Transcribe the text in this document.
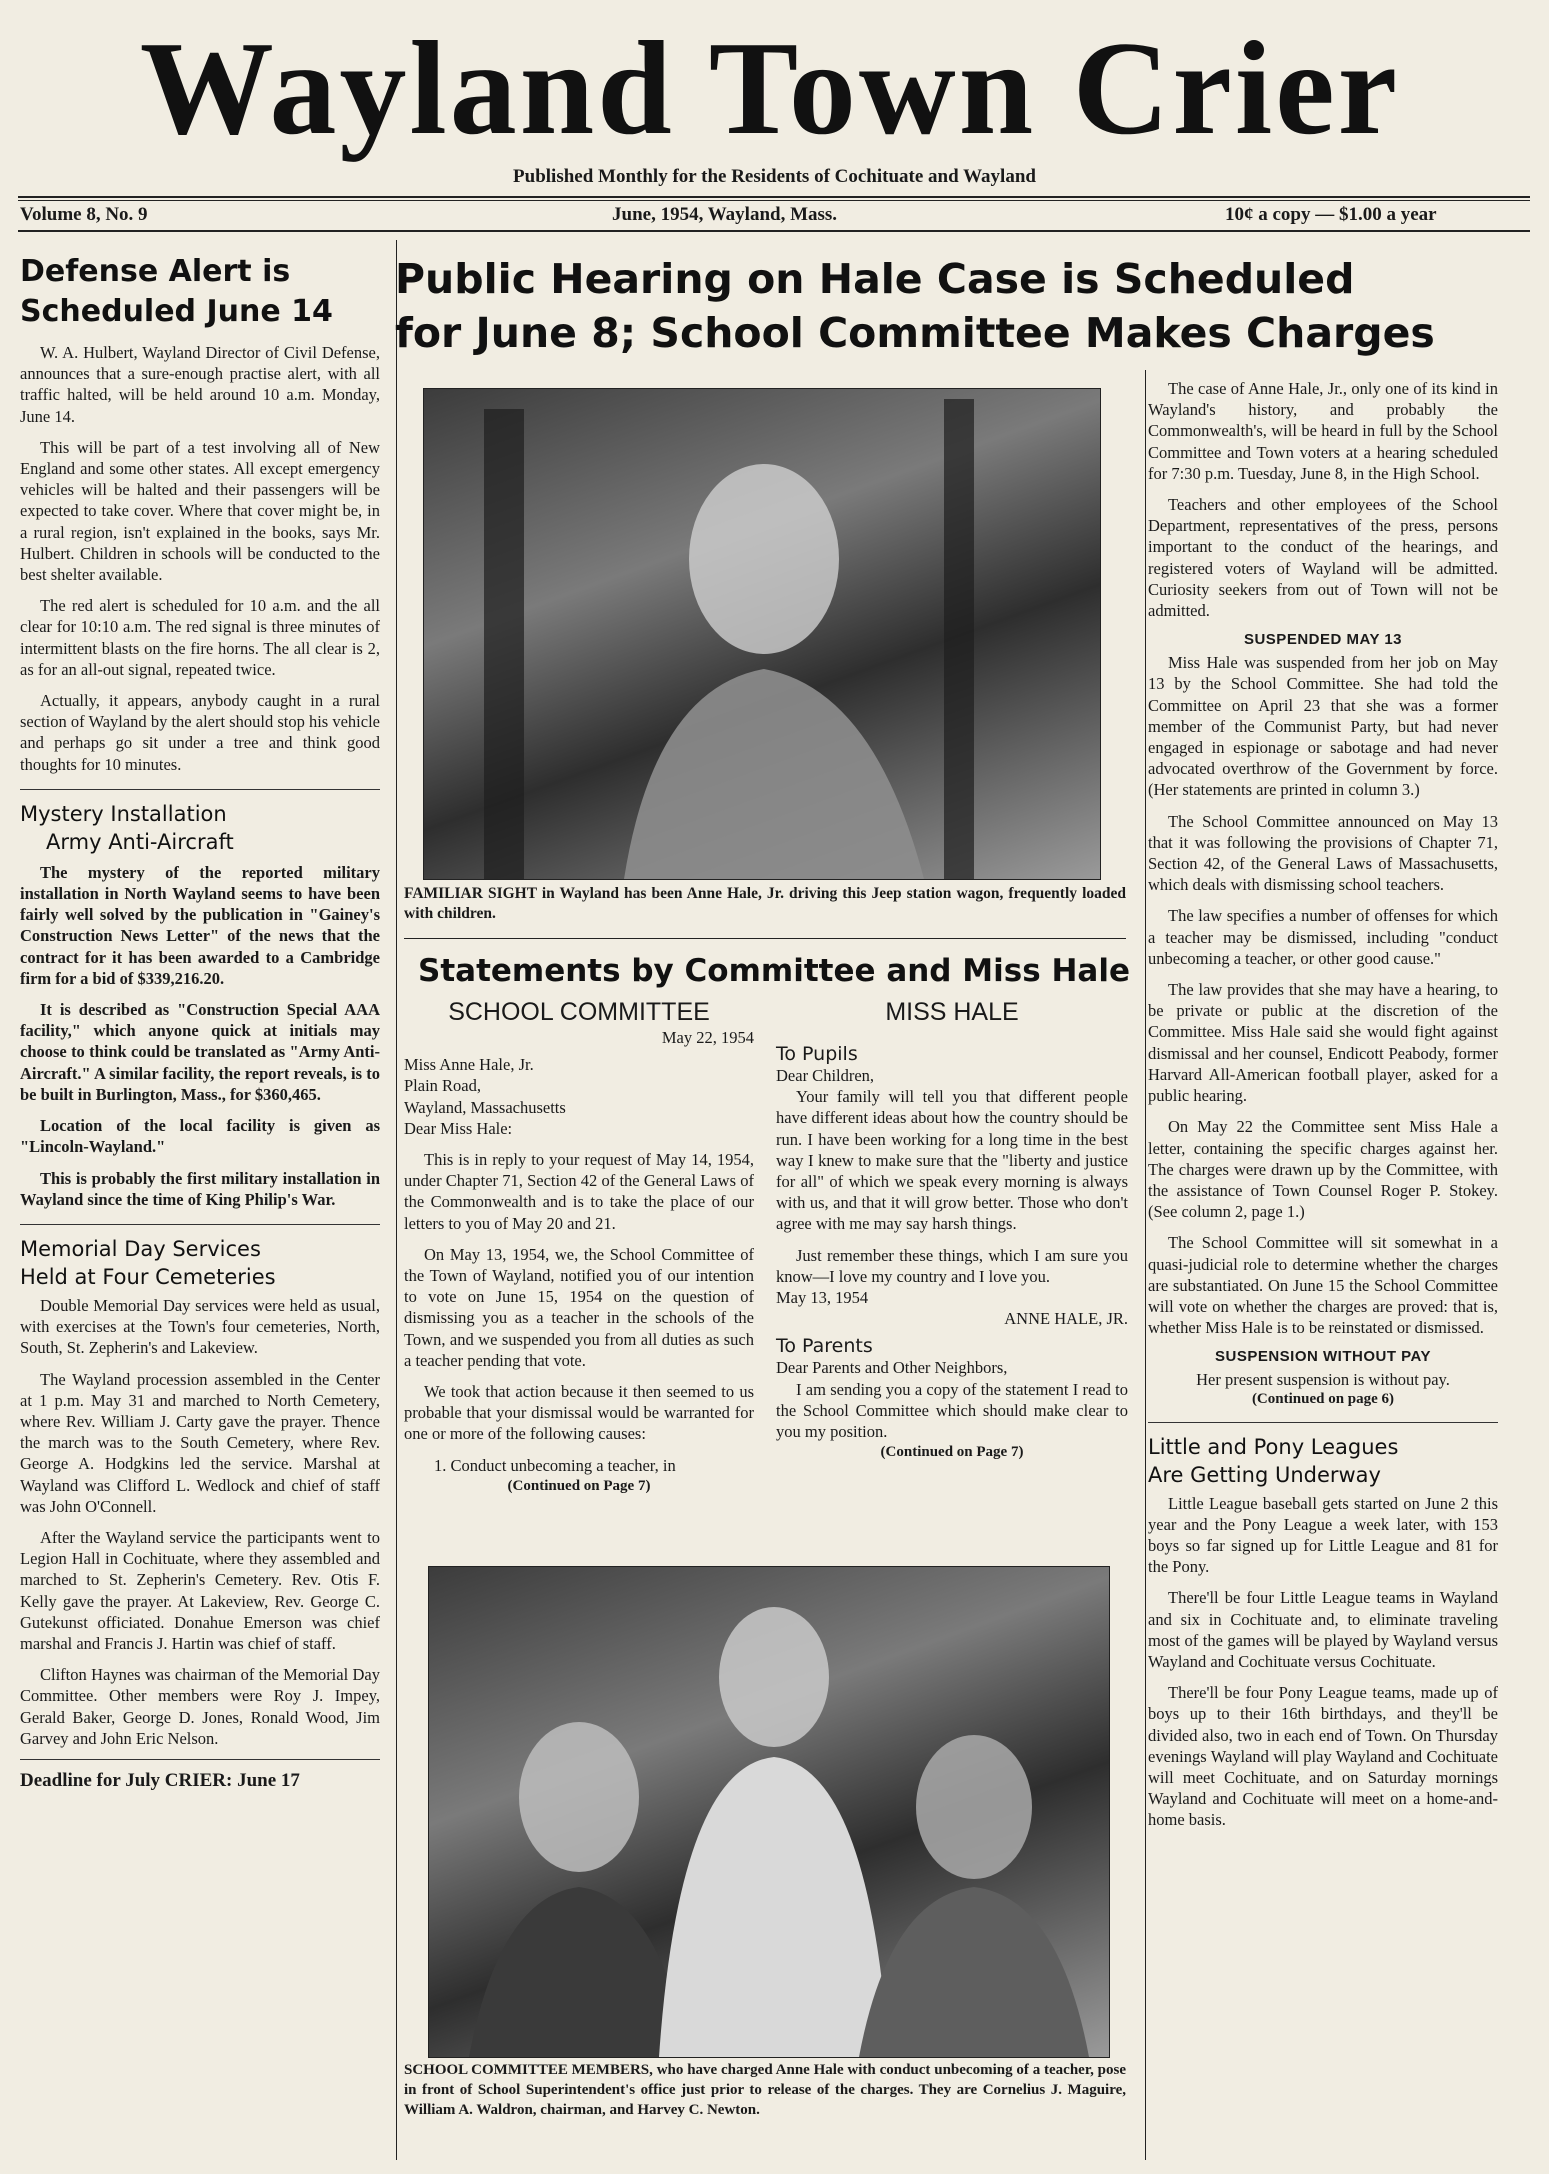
Wayland Town Crier
Published Monthly for the Residents of Cochituate and Wayland
Volume 8, No. 9	June, 1954, Wayland, Mass.	10¢ a copy — $1.00 a year
Defense Alert is Scheduled June 14

W. A. Hulbert, Wayland Director of Civil Defense, announces that a sure-enough practise alert, with all traffic halted, will be held around 10 a.m. Monday, June 14.

This will be part of a test involving all of New England and some other states. All except emergency vehicles will be halted and their passengers will be expected to take cover. Where that cover might be, in a rural region, isn't explained in the books, says Mr. Hulbert. Children in schools will be conducted to the best shelter available.

The red alert is scheduled for 10 a.m. and the all clear for 10:10 a.m. The red signal is three minutes of intermittent blasts on the fire horns. The all clear is 2, as for an all-out signal, repeated twice.

Actually, it appears, anybody caught in a rural section of Wayland by the alert should stop his vehicle and perhaps go sit under a tree and think good thoughts for 10 minutes.

Mystery Installation
Army Anti-Aircraft

The mystery of the reported military installation in North Wayland seems to have been fairly well solved by the publication in "Gainey's Construction News Letter" of the news that the contract for it has been awarded to a Cambridge firm for a bid of $339,216.20.

It is described as "Construction Special AAA facility," which anyone quick at initials may choose to think could be translated as "Army Anti-Aircraft." A similar facility, the report reveals, is to be built in Burlington, Mass., for $360,465.

Location of the local facility is given as "Lincoln-Wayland."

This is probably the first military installation in Wayland since the time of King Philip's War.

Memorial Day Services
Held at Four Cemeteries

Double Memorial Day services were held as usual, with exercises at the Town's four cemeteries, North, South, St. Zepherin's and Lakeview.

The Wayland procession assembled in the Center at 1 p.m. May 31 and marched to North Cemetery, where Rev. William J. Carty gave the prayer. Thence the march was to the South Cemetery, where Rev. George A. Hodgkins led the service. Marshal at Wayland was Clifford L. Wedlock and chief of staff was John O'Connell.

After the Wayland service the participants went to Legion Hall in Cochituate, where they assembled and marched to St. Zepherin's Cemetery. Rev. Otis F. Kelly gave the prayer. At Lakeview, Rev. George C. Gutekunst officiated. Donahue Emerson was chief marshal and Francis J. Hartin was chief of staff.

Clifton Haynes was chairman of the Memorial Day Committee. Other members were Roy J. Impey, Gerald Baker, George D. Jones, Ronald Wood, Jim Garvey and John Eric Nelson.

Deadline for July CRIER: June 17
Public Hearing on Hale Case is Scheduled
for June 8; School Committee Makes Charges
FAMILIAR SIGHT in Wayland has been Anne Hale, Jr. driving this Jeep station wagon, frequently loaded with children.
Statements by Committee and Miss Hale
SCHOOL COMMITTEE
May 22, 1954
Miss Anne Hale, Jr.
Plain Road,
Wayland, Massachusetts
Dear Miss Hale:

This is in reply to your request of May 14, 1954, under Chapter 71, Section 42 of the General Laws of the Commonwealth and is to take the place of our letters to you of May 20 and 21.

On May 13, 1954, we, the School Committee of the Town of Wayland, notified you of our intention to vote on June 15, 1954 on the question of dismissing you as a teacher in the schools of the Town, and we suspended you from all duties as such a teacher pending that vote.

We took that action because it then seemed to us probable that your dismissal would be warranted for one or more of the following causes:

1. Conduct unbecoming a teacher, in

(Continued on Page 7)
MISS HALE
To Pupils
Dear Children,

Your family will tell you that different people have different ideas about how the country should be run. I have been working for a long time in the best way I knew to make sure that the "liberty and justice for all" of which we speak every morning is always with us, and that it will grow better. Those who don't agree with me may say harsh things.

Just remember these things, which I am sure you know—I love my country and I love you.

May 13, 1954
ANNE HALE, JR.
To Parents
Dear Parents and Other Neighbors,

I am sending you a copy of the statement I read to the School Committee which should make clear to you my position.

(Continued on Page 7)
SCHOOL COMMITTEE MEMBERS, who have charged Anne Hale with conduct unbecoming of a teacher, pose in front of School Superintendent's office just prior to release of the charges. They are Cornelius J. Maguire, William A. Waldron, chairman, and Harvey C. Newton.

The case of Anne Hale, Jr., only one of its kind in Wayland's history, and probably the Commonwealth's, will be heard in full by the School Committee and Town voters at a hearing scheduled for 7:30 p.m. Tuesday, June 8, in the High School.

Teachers and other employees of the School Department, representatives of the press, persons important to the conduct of the hearings, and registered voters of Wayland will be admitted. Curiosity seekers from out of Town will not be admitted.

SUSPENDED MAY 13

Miss Hale was suspended from her job on May 13 by the School Committee. She had told the Committee on April 23 that she was a former member of the Communist Party, but had never engaged in espionage or sabotage and had never advocated overthrow of the Government by force. (Her statements are printed in column 3.)

The School Committee announced on May 13 that it was following the provisions of Chapter 71, Section 42, of the General Laws of Massachusetts, which deals with dismissing school teachers.

The law specifies a number of offenses for which a teacher may be dismissed, including "conduct unbecoming a teacher, or other good cause."

The law provides that she may have a hearing, to be private or public at the discretion of the Committee. Miss Hale said she would fight against dismissal and her counsel, Endicott Peabody, former Harvard All-American football player, asked for a public hearing.

On May 22 the Committee sent Miss Hale a letter, containing the specific charges against her. The charges were drawn up by the Committee, with the assistance of Town Counsel Roger P. Stokey. (See column 2, page 1.)

The School Committee will sit somewhat in a quasi-judicial role to determine whether the charges are substantiated. On June 15 the School Committee will vote on whether the charges are proved: that is, whether Miss Hale is to be reinstated or dismissed.

SUSPENSION WITHOUT PAY
Her present suspension is without pay.
(Continued on page 6)
Little and Pony Leagues
Are Getting Underway

Little League baseball gets started on June 2 this year and the Pony League a week later, with 153 boys so far signed up for Little League and 81 for the Pony.

There'll be four Little League teams in Wayland and six in Cochituate and, to eliminate traveling most of the games will be played by Wayland versus Wayland and Cochituate versus Cochituate.

There'll be four Pony League teams, made up of boys up to their 16th birthdays, and they'll be divided also, two in each end of Town. On Thursday evenings Wayland will play Wayland and Cochituate will meet Cochituate, and on Saturday mornings Wayland and Cochituate will meet on a home-and-home basis.
